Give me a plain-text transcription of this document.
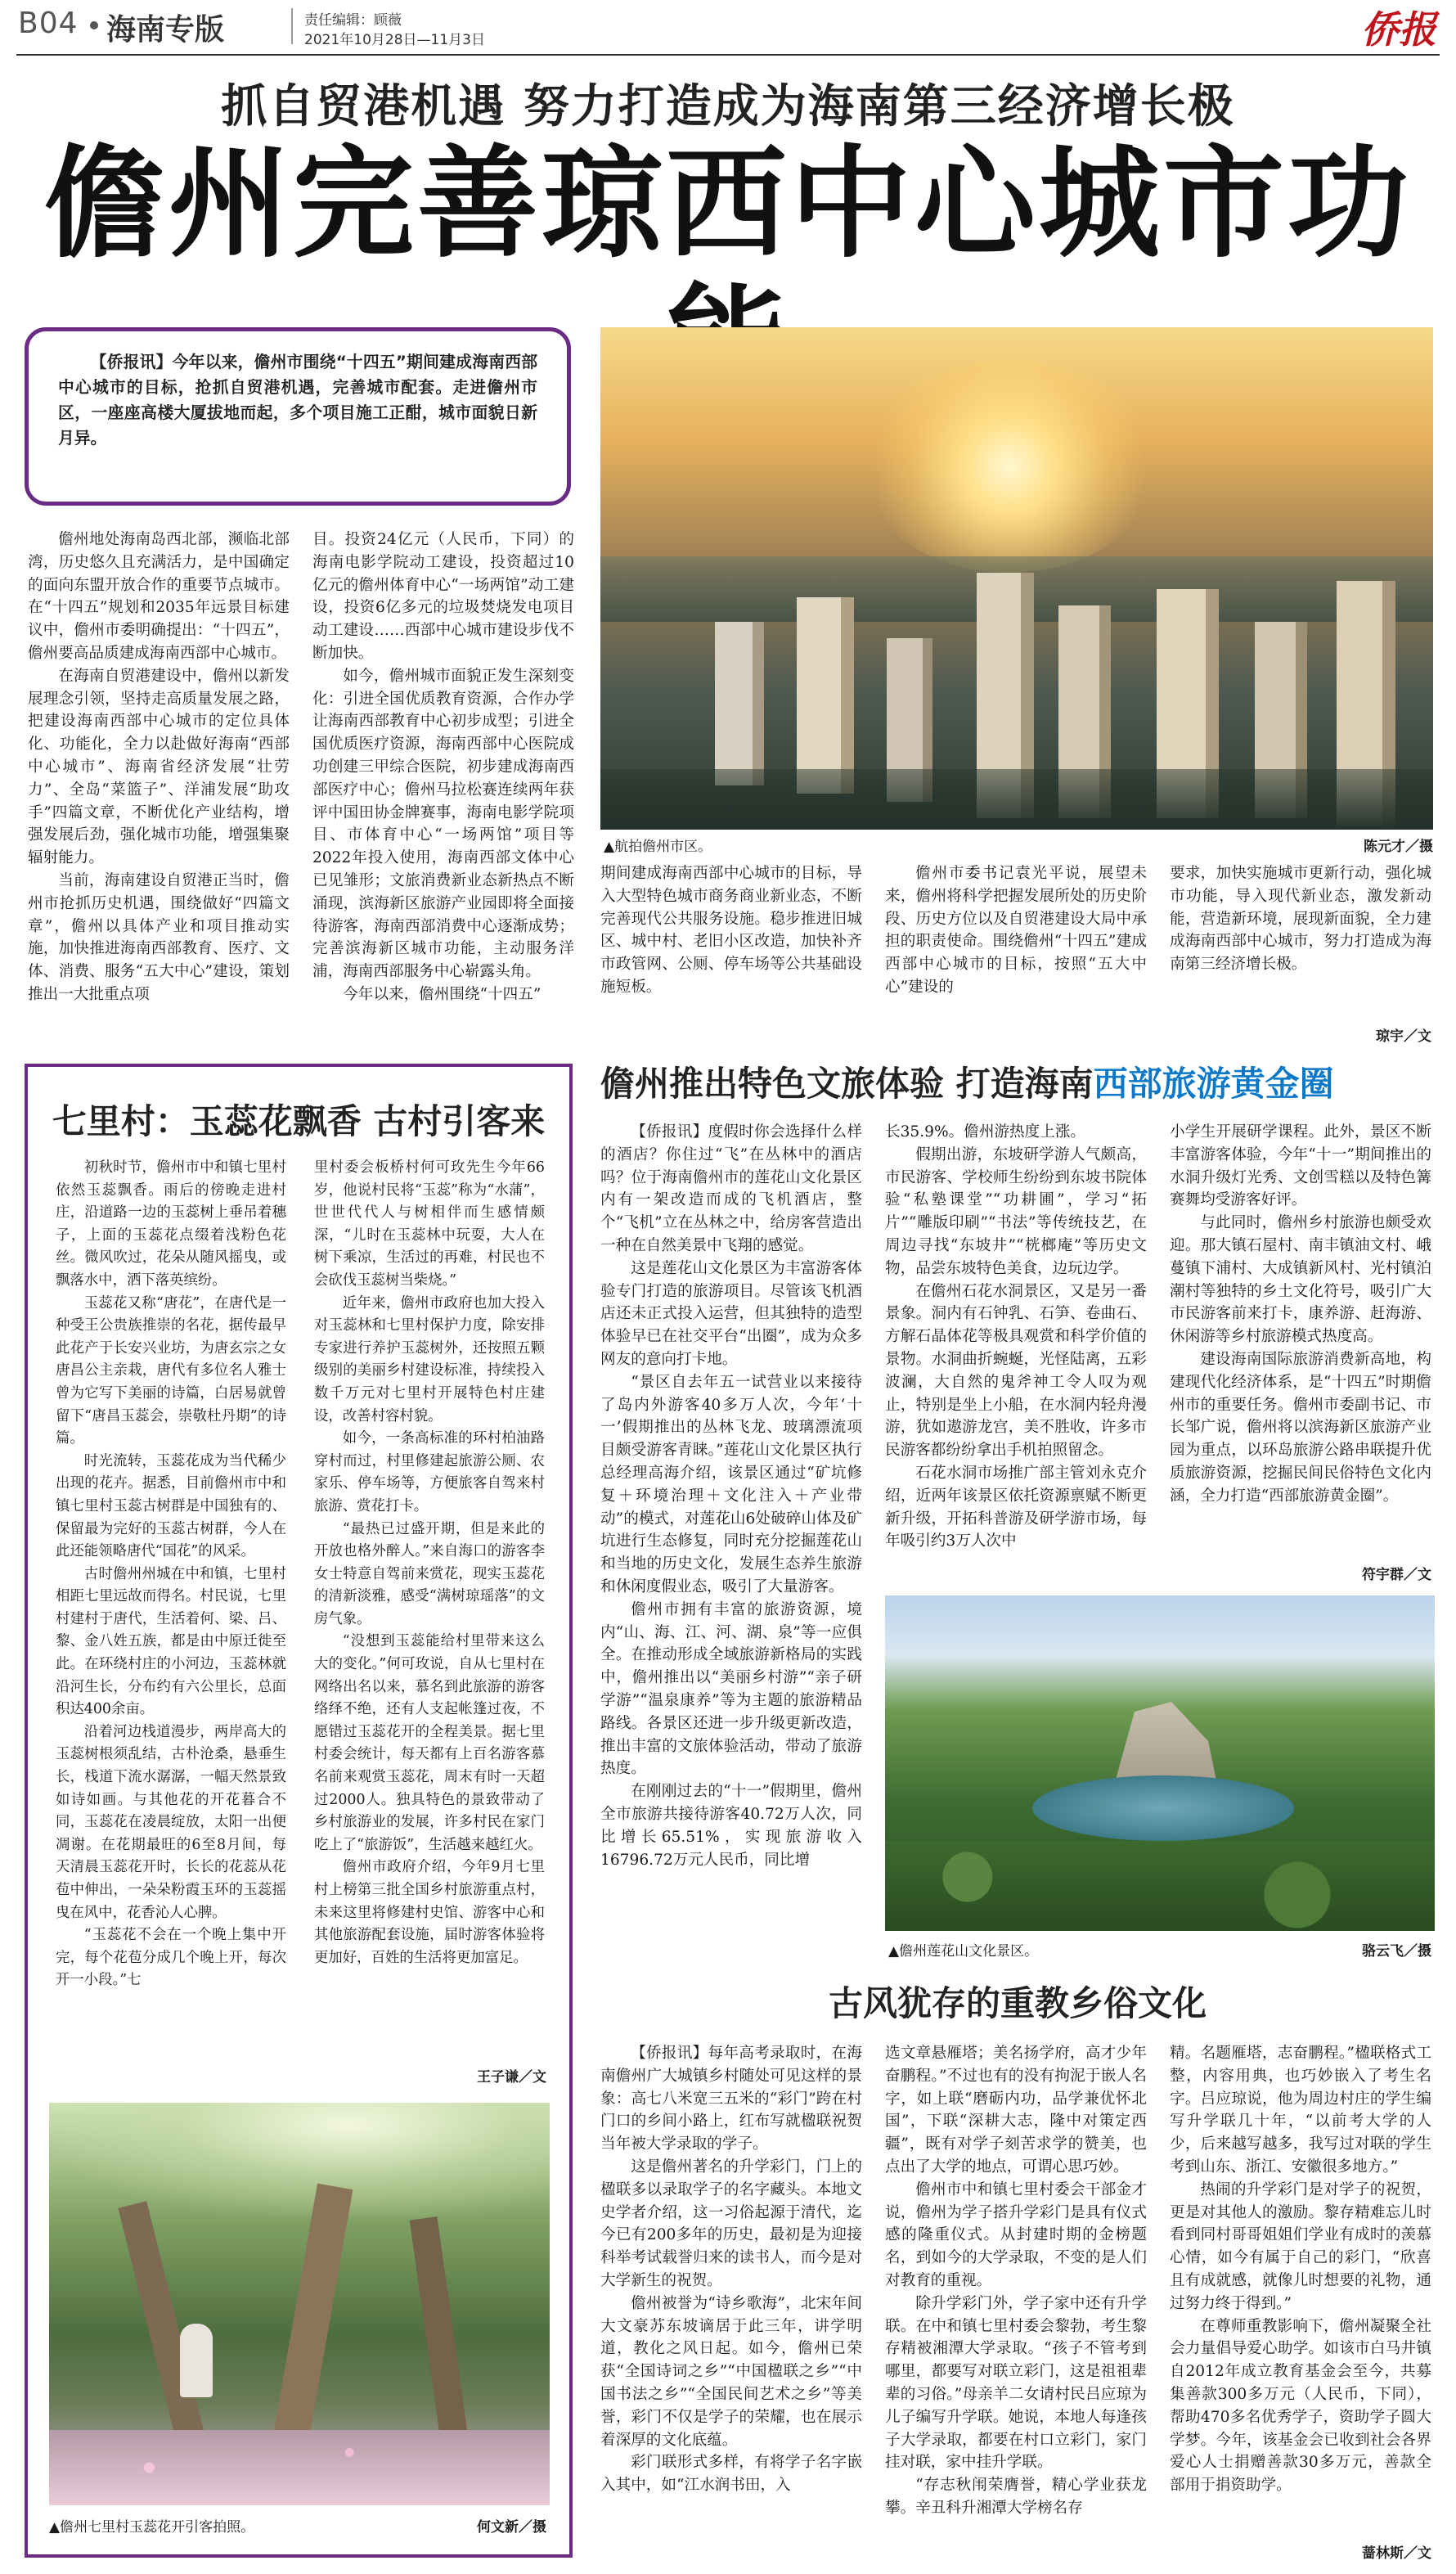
B04 海南专版	责任编辑：顾薇
2021年10月28日—11月3日	侨报
抓自贸港机遇 努力打造成为海南第三经济增长极
儋州完善琼西中心城市功

【侨报讯】今年以来，儋州市围绕“十四五”期间建成海南西部中心城市的目标，抢抓自贸港机遇，完善城市配套。走进儋州市区，一座座高楼大厦拔地而起，多个项目施工正酣，城市面貌日新月异。

▲航拍儋州市区。	陈元才／摄

儋州地处海南岛西北部，濒临北部湾，历史悠久且充满活力，是中国确定的面向东盟开放合作的重要节点城市。在“十四五”规划和2035年远景目标建议中，儋州市委明确提出：“十四五”，儋州要高品质建成海南西部中心城市。

在海南自贸港建设中，儋州以新发展理念引领，坚持走高质量发展之路，把建设海南西部中心城市的定位具体化、功能化，全力以赴做好海南“西部中心城市”、海南省经济发展“壮劳力”、全岛“菜篮子”、洋浦发展“助攻手”四篇文章，不断优化产业结构，增强发展后劲，强化城市功能，增强集聚辐射能力。

当前，海南建设自贸港正当时，儋州市抢抓历史机遇，围绕做好“四篇文章”，儋州以具体产业和项目推动实施，加快推进海南西部教育、医疗、文体、消费、服务“五大中心”建设，策划推出一大批重点项

目。投资24亿元（人民币，下同）的海南电影学院动工建设，投资超过10亿元的儋州体育中心“一场两馆”动工建设，投资6亿多元的垃圾焚烧发电项目动工建设……西部中心城市建设步伐不断加快。

如今，儋州城市面貌正发生深刻变化：引进全国优质教育资源，合作办学让海南西部教育中心初步成型；引进全国优质医疗资源，海南西部中心医院成功创建三甲综合医院，初步建成海南西部医疗中心；儋州马拉松赛连续两年获评中国田协金牌赛事，海南电影学院项目、市体育中心“一场两馆”项目等2022年投入使用，海南西部文体中心已见雏形；文旅消费新业态新热点不断涌现，滨海新区旅游产业园即将全面接待游客，海南西部消费中心逐渐成势；完善滨海新区城市功能，主动服务洋浦，海南西部服务中心崭露头角。

今年以来，儋州围绕“十四五”

期间建成海南西部中心城市的目标，导入大型特色城市商务商业新业态，不断完善现代公共服务设施。稳步推进旧城区、城中村、老旧小区改造，加快补齐市政管网、公厕、停车场等公共基础设施短板。

儋州市委书记袁光平说，展望未来，儋州将科学把握发展所处的历史阶段、历史方位以及自贸港建设大局中承担的职责使命。围绕儋州“十四五”建成西部中心城市的目标，按照“五大中心”建设的

要求，加快实施城市更新行动，强化城市功能，导入现代新业态，激发新动能，营造新环境，展现新面貌，全力建成海南西部中心城市，努力打造成为海南第三经济增长极。

琼宇／文
七里村：玉蕊花飘香 古村引客来

初秋时节，儋州市中和镇七里村依然玉蕊飘香。雨后的傍晚走进村庄，沿道路一边的玉蕊树上垂吊着穗子，上面的玉蕊花点缀着浅粉色花丝。微风吹过，花朵从随风摇曳，或飘落水中，洒下落英缤纷。

玉蕊花又称“唐花”，在唐代是一种受王公贵族推崇的名花，据传最早此花产于长安兴业坊，为唐玄宗之女唐昌公主亲栽，唐代有多位名人雅士曾为它写下美丽的诗篇，白居易就曾留下“唐昌玉蕊会，崇敬杜丹期”的诗篇。

时光流转，玉蕊花成为当代稀少出现的花卉。据悉，目前儋州市中和镇七里村玉蕊古树群是中国独有的、保留最为完好的玉蕊古树群，今人在此还能领略唐代“国花”的风采。

古时儋州州城在中和镇，七里村相距七里远故而得名。村民说，七里村建村于唐代，生活着何、梁、吕、黎、金八姓五族，都是由中原迁徙至此。在环绕村庄的小河边，玉蕊林就沿河生长，分布约有六公里长，总面积达400余亩。

沿着河边栈道漫步，两岸高大的玉蕊树根须乱结，古朴沧桑，悬垂生长，栈道下流水潺潺，一幅天然景致如诗如画。与其他花的开花暮合不同，玉蕊花在凌晨绽放，太阳一出便凋谢。在花期最旺的6至8月间，每天清晨玉蕊花开时，长长的花蕊从花苞中伸出，一朵朵粉霞玉环的玉蕊摇曳在风中，花香沁人心脾。

“玉蕊花不会在一个晚上集中开完，每个花苞分成几个晚上开，每次开一小段。”七

里村委会板桥村何可玫先生今年66岁，他说村民将“玉蕊”称为“水蒲”，世世代代人与树相伴而生感情颇深，“儿时在玉蕊林中玩耍，大人在树下乘凉，生活过的再难，村民也不会砍伐玉蕊树当柴烧。”

近年来，儋州市政府也加大投入对玉蕊林和七里村保护力度，除安排专家进行养护玉蕊树外，还按照五颗级别的美丽乡村建设标准，持续投入数千万元对七里村开展特色村庄建设，改善村容村貌。

如今，一条高标准的环村柏油路穿村而过，村里修建起旅游公厕、农家乐、停车场等，方便旅客自驾来村旅游、赏花打卡。

“最热已过盛开期，但是来此的开放也格外醉人。”来自海口的游客李女士特意自驾前来赏花，现实玉蕊花的清新淡雅，感受“满树琼瑶落”的文房气象。

“没想到玉蕊能给村里带来这么大的变化。”何可玫说，自从七里村在网络出名以来，慕名到此旅游的游客络绎不绝，还有人支起帐篷过夜，不愿错过玉蕊花开的全程美景。据七里村委会统计，每天都有上百名游客慕名前来观赏玉蕊花，周末有时一天超过2000人。独具特色的景致带动了乡村旅游业的发展，许多村民在家门吃上了“旅游饭”，生活越来越红火。

儋州市政府介绍，今年9月七里村上榜第三批全国乡村旅游重点村，未来这里将修建村史馆、游客中心和其他旅游配套设施，届时游客体验将更加好，百姓的生活将更加富足。

王子谦／文
▲儋州七里村玉蕊花开引客拍照。	何文新／摄
儋州推出特色文旅体验 打造海南西部旅游黄金圈

【侨报讯】度假时你会选择什么样的酒店？你住过“飞”在丛林中的酒店吗？位于海南儋州市的莲花山文化景区内有一架改造而成的飞机酒店，整个“飞机”立在丛林之中，给房客营造出一种在自然美景中飞翔的感觉。

这是莲花山文化景区为丰富游客体验专门打造的旅游项目。尽管该飞机酒店还未正式投入运营，但其独特的造型体验早已在社交平台“出圈”，成为众多网友的意向打卡地。

“景区自去年五一试营业以来接待了岛内外游客40多万人次，今年‘十一’假期推出的丛林飞龙、玻璃漂流项目颇受游客青睐。”莲花山文化景区执行总经理高海介绍，该景区通过“矿坑修复＋环境治理＋文化注入＋产业带动”的模式，对莲花山6处破碎山体及矿坑进行生态修复，同时充分挖掘莲花山和当地的历史文化，发展生态养生旅游和休闲度假业态，吸引了大量游客。

儋州市拥有丰富的旅游资源，境内“山、海、江、河、湖、泉”等一应俱全。在推动形成全域旅游新格局的实践中，儋州推出以“美丽乡村游”“亲子研学游”“温泉康养”等为主题的旅游精品路线。各景区还进一步升级更新改造，推出丰富的文旅体验活动，带动了旅游热度。

在刚刚过去的“十一”假期里，儋州全市旅游共接待游客40.72万人次，同比增长65.51%，实现旅游收入16796.72万元人民币，同比增

长35.9%。儋州游热度上涨。

假期出游，东坡研学游人气颇高，市民游客、学校师生纷纷到东坡书院体验“私塾课堂”“功耕圃”，学习“拓片”“雕版印刷”“书法”等传统技艺，在周边寻找“东坡井”“桄榔庵”等历史文物，品尝东坡特色美食，边玩边学。

在儋州石花水洞景区，又是另一番景象。洞内有石钟乳、石笋、卷曲石、方解石晶体花等极具观赏和科学价值的景物。水洞曲折蜿蜒，光怪陆离，五彩波澜，大自然的鬼斧神工令人叹为观止，特别是坐上小船，在水洞内轻舟漫游，犹如遨游龙宫，美不胜收，许多市民游客都纷纷拿出手机拍照留念。

石花水洞市场推广部主管刘永克介绍，近两年该景区依托资源禀赋不断更新升级，开拓科普游及研学游市场，每年吸引约3万人次中

小学生开展研学课程。此外，景区不断丰富游客体验，今年“十一”期间推出的水洞升级灯光秀、文创雪糕以及特色篝赛舞均受游客好评。

与此同时，儋州乡村旅游也颇受欢迎。那大镇石屋村、南丰镇油文村、峨蔓镇下浦村、大成镇新风村、光村镇泊潮村等独特的乡土文化符号，吸引广大市民游客前来打卡，康养游、赶海游、休闲游等乡村旅游模式热度高。

建设海南国际旅游消费新高地，构建现代化经济体系，是“十四五”时期儋州市的重要任务。儋州市委副书记、市长邹广说，儋州将以滨海新区旅游产业园为重点，以环岛旅游公路串联提升优质旅游资源，挖掘民间民俗特色文化内涵，全力打造“西部旅游黄金圈”。

符宇群／文
▲儋州莲花山文化景区。	骆云飞／摄
古风犹存的重教乡俗文化

【侨报讯】每年高考录取时，在海南儋州广大城镇乡村随处可见这样的景象：高七八米宽三五米的“彩门”跨在村门口的乡间小路上，红布写就楹联祝贺当年被大学录取的学子。

这是儋州著名的升学彩门，门上的楹联多以录取学子的名字藏头。本地文史学者介绍，这一习俗起源于清代，迄今已有200多年的历史，最初是为迎接科举考试载誉归来的读书人，而今是对大学新生的祝贺。

儋州被誉为“诗乡歌海”，北宋年间大文豪苏东坡谪居于此三年，讲学明道，教化之风日起。如今，儋州已荣获“全国诗词之乡”“中国楹联之乡”“中国书法之乡”“全国民间艺术之乡”等美誉，彩门不仅是学子的荣耀，也在展示着深厚的文化底蕴。

彩门联形式多样，有将学子名字嵌入其中，如“江水润书田，入

选文章悬雁塔；美名扬学府，高才少年奋鹏程。”不过也有的没有拘泥于嵌人名字，如上联“磨砺内功，品学兼优怀北国”，下联“深耕大志，隆中对策定西疆”，既有对学子刻苦求学的赞美，也点出了大学的地点，可谓心思巧妙。

儋州市中和镇七里村委会干部金才说，儋州为学子搭升学彩门是具有仪式感的隆重仪式。从封建时期的金榜题名，到如今的大学录取，不变的是人们对教育的重视。

除升学彩门外，学子家中还有升学联。在中和镇七里村委会黎勃，考生黎存精被湘潭大学录取。“孩子不管考到哪里，都要写对联立彩门，这是祖祖辈辈的习俗。”母亲羊二女请村民吕应琼为儿子编写升学联。她说，本地人每逢孩子大学录取，都要在村口立彩门，家门挂对联，家中挂升学联。

“存志秋闱荣膺誉，精心学业获龙攀。辛丑科升湘潭大学榜名存

精。名题雁塔，志奋鹏程。”楹联格式工整，内容用典，也巧妙嵌入了考生名字。吕应琼说，他为周边村庄的学生编写升学联几十年，“以前考大学的人少，后来越写越多，我写过对联的学生考到山东、浙江、安徽很多地方。”

热闹的升学彩门是对学子的祝贺，更是对其他人的激励。黎存精难忘儿时看到同村哥哥姐姐们学业有成时的羡慕心情，如今有属于自己的彩门，“欣喜且有成就感，就像儿时想要的礼物，通过努力终于得到。”

在尊师重教影响下，儋州凝聚全社会力量倡导爱心助学。如该市白马井镇自2012年成立教育基金会至今，共募集善款300多万元（人民币，下同），帮助470多名优秀学子，资助学子圆大学梦。今年，该基金会已收到社会各界爱心人士捐赠善款30多万元，善款全部用于捐资助学。

蔷林斯／文
